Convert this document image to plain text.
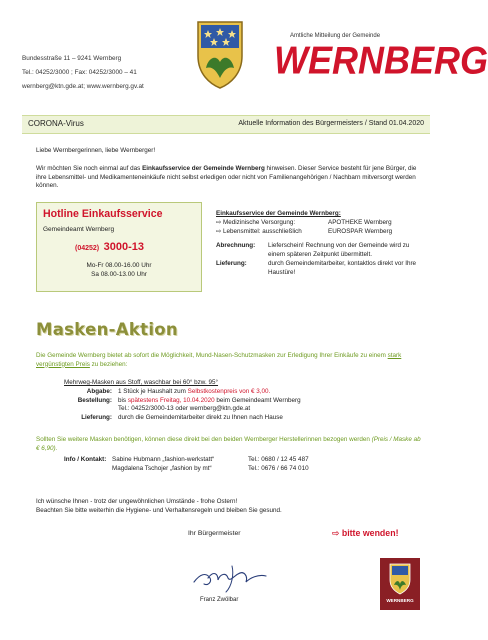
Bundesstraße 11 – 9241 Wernberg
Tel.: 04252/3000 ; Fax: 04252/3000 – 41
wernberg@ktn.gde.at; www.wernberg.gv.at
Amtliche Mitteilung der Gemeinde
WERNBERG
CORONA-Virus	Aktuelle Information des Bürgermeisters / Stand 01.04.2020
Liebe Wernbergerinnen, liebe Wernberger!
Wir möchten Sie noch einmal auf das Einkaufsservice der Gemeinde Wernberg hinweisen. Dieser Service besteht für jene Bürger, die ihre Lebensmittel- und Medikamenteneinkäufe nicht selbst erledigen oder nicht von Familienangehörigen / Nachbarn mitversorgt werden können.
Hotline Einkaufsservice
Gemeindeamt Wernberg
(04252) 3000-13
Mo-Fr 08.00-16.00 Uhr
Sa 08.00-13.00 Uhr
Einkaufsservice der Gemeinde Wernberg:
⇨ Medizinische Versorgung:	APOTHEKE Wernberg
⇨ Lebensmittel: ausschließlich	EUROSPAR Wernberg
Abrechnung:	Lieferschein! Rechnung von der Gemeinde wird zu einem späteren Zeitpunkt übermittelt.
Lieferung:	durch Gemeindemitarbeiter, kontaktlos direkt vor Ihre Haustüre!
Masken-Aktion
Die Gemeinde Wernberg bietet ab sofort die Möglichkeit, Mund-Nasen-Schutzmasken zur Erledigung Ihrer Einkäufe zu einem stark vergünstigten Preis zu beziehen:
Mehrweg-Masken aus Stoff, waschbar bei 60° bzw. 95°
Abgabe: 1 Stück je Haushalt zum Selbstkostenpreis von € 3,00.
Bestellung: bis spätestens Freitag, 10.04.2020 beim Gemeindeamt Wernberg
Tel.: 04252/3000-13 oder wernberg@ktn.gde.at
Lieferung: durch die Gemeindemitarbeiter direkt zu Ihnen nach Hause
Sollten Sie weitere Masken benötigen, können diese direkt bei den beiden Wernberger Herstellerinnen bezogen werden (Preis / Maske ab € 6,90).
Info / Kontakt: Sabine Hubmann „fashion-werkstatt“	Tel.: 0680 / 12 45 487
Magdalena Tschojer „fashion by mt“	Tel.: 0676 / 66 74 010
Ich wünsche Ihnen - trotz der ungewöhnlichen Umstände - frohe Ostern!
Beachten Sie bitte weiterhin die Hygiene- und Verhaltensregeln und bleiben Sie gesund.
Ihr Bürgermeister	⇨ bitte wenden!
Franz Zwölbar	WERNBERG
